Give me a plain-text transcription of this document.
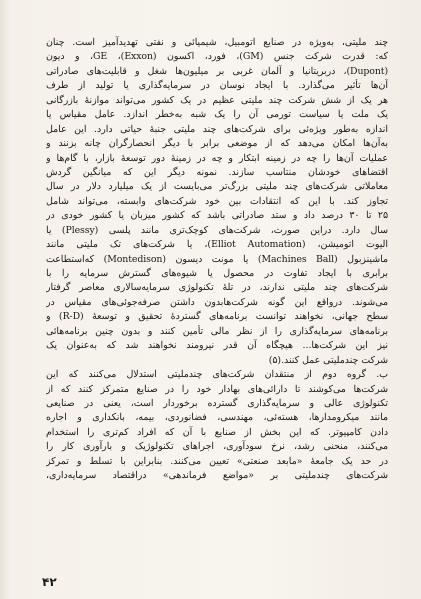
چند ملیتی، به‌ویژه در صنایع اتومبیل، شیمیائی و نفتی تهدیدآمیز است. چنان
که: قدرت شرکت جنس (GM)، فورد، اکسون (Exxon)، GE، و دیون
(Dupont)، دربریتانیا و آلمان غربی بر میلیون‌ها شغل و قابلیت‌های صادراتی
آن‌ها تأثیر می‌گذارد. با ایجاد نوسان در سرمایه‌گذاری یا تولید از طرف
هر یک از شش شرکت چند ملیتی عظیم در یک کشور می‌تواند موازنهٔ بازرگانی
یک ملت یا سیاست تورمی آن را یک شبه به‌خطر اندازد. عامل مقیاس یا
اندازه به‌طور ویژه‌ئی برای شرکت‌های چند ملیتی جنبهٔ حیاتی دارد. این عامل
به‌آن‌ها امکان می‌دهد که از موضعی برابر با دیگر انحصارگران چانه بزنند و
عملیات آن‌ها را چه در زمینه ابتکار و چه در زمینهٔ دور توسعهٔ بازار، با گام‌ها و
اقتضاهای خودشان منتاسب سازند. نمونه دیگر این که میانگین گردش
معاملاتی شرکت‌های چند ملیتی بزرگ‌تر می‌بایست از یک میلیارد دلار در سال
تجاوز کند. با این که انتقادات بین خود شرکت‌های وابسته، می‌تواند شامل
۲۵ تا ۳۰ درصد داد و ستد صادراتی باشد که کشور میزبان یا کشور خودی در
سال دارد. دراین صورت، شرکت‌های کوچک‌تری مانند پلسی (Plessy) یا
الیوت اتومیشن، (Elliot Automation)، یا شرکت‌های تک ملیتی مانند
ماشینزبول (Machines Ball) یا مونت دیسون (Montedison) که‌استطاعت
برابری با ایجاد تفاوت در محصول یا شیوه‌های گسترش سرمایه را با
شرکت‌های چند ملیتی ندارند، در تلهٔ تکنولوژی سرمایه‌سالاری معاصر گرفتار
می‌شوند. درواقع این گونه شرکت‌هابدون داشتن صرفه‌جوئی‌های مقیاس در
سطح جهانی، نخواهند توانست برنامه‌های گستردهٔ تحقیق و توسعهٔ (R-D) و
برنامه‌های سرمایه‌گذاری را از نظر مالی تأمین کنند و بدون چنین برنامه‌هائی
نیز این شرکت‌ها... هیچگاه آن قدر نیرومند نخواهند شد که به‌عنوان یک
شرکت چندملیتی عمل کنند.(۵)
ب. گروه دوم از منتقدان شرکت‌های چندملیتی استدلال می‌کنند که این
شرکت‌ها می‌کوشند تا دارائی‌های بهادار خود را در صنایع متمرکز کنند که از
تکنولوژی عالی و سرمایه‌گذاری گسترده برخوردار است، یعنی در صنایعی
مانند میکرومدارها، هسته‌ئی، مهندسی، فضانوردی، بیمه، بانکداری و اجاره
دادن کامپیوتر. که این بخش از صنایع با آن که افراد کم‌تری را استخدام
می‌کنند، منحنی رشد، نرخ سودآوری، اجراهای تکنولوژیک و بارآوری کار را
در حد یک جامعهٔ «مابعد صنعتی» تعیین می‌کنند. بنابراین با تسلط و تمرکز
شرکت‌های چندملیتی بر «مواضع فرماندهی» دراقتصاد سرمایه‌داری،
۴۲
